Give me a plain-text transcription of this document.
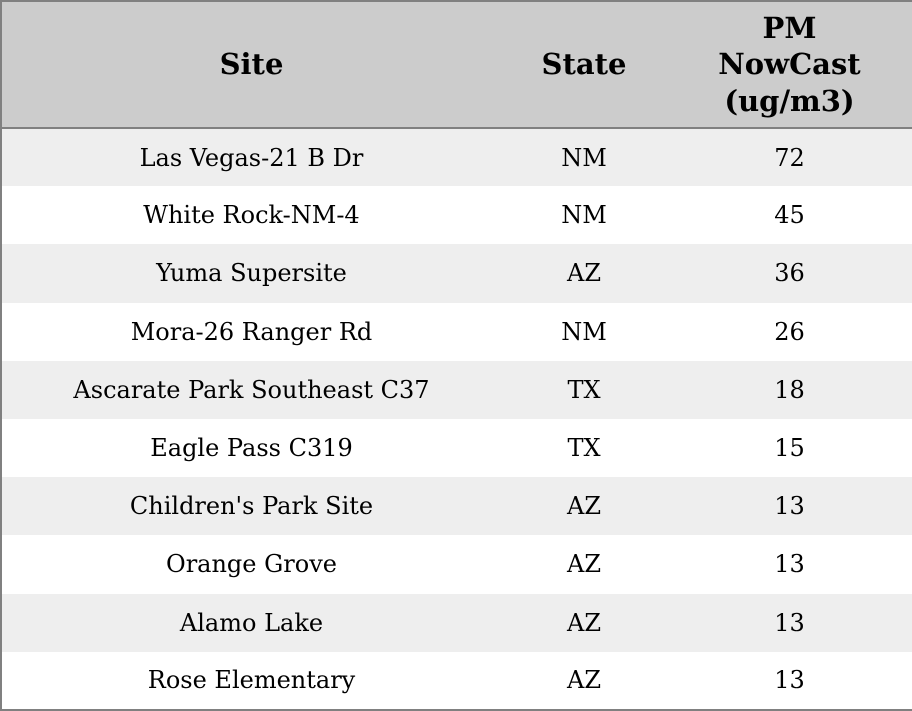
Site	State	PM NowCast (ug/m3)

Las Vegas-21 B Dr	NM	72
White Rock-NM-4	NM	45
Yuma Supersite	AZ	36
Mora-26 Ranger Rd	NM	26
Ascarate Park Southeast C37	TX	18
Eagle Pass C319	TX	15
Children's Park Site	AZ	13
Orange Grove	AZ	13
Alamo Lake	AZ	13
Rose Elementary	AZ	13
